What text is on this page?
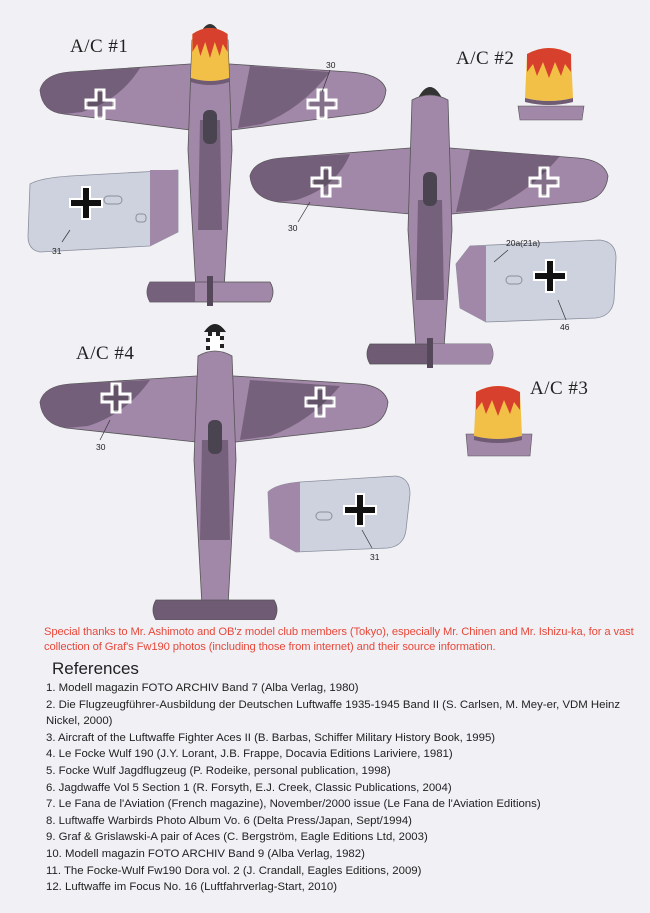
30
31
30
20a(21a)
46
30
31
A/C #1
A/C #2
A/C #4
A/C #3
Special thanks to Mr. Ashimoto and OB'z model club members (Tokyo), especially Mr. Chinen and Mr. Ishizu-ka, for a vast collection of Graf's Fw190 photos (including those from internet) and their source information.
References
1. Modell magazin FOTO ARCHIV Band 7 (Alba Verlag, 1980)
2. Die Flugzeugführer-Ausbildung der Deutschen Luftwaffe 1935-1945 Band II (S. Carlsen, M. Mey-er, VDM Heinz Nickel, 2000)
3. Aircraft of the Luftwaffe Fighter Aces II (B. Barbas, Schiffer Military History Book, 1995)
4. Le Focke Wulf 190 (J.Y. Lorant, J.B. Frappe, Docavia Editions Lariviere, 1981)
5. Focke Wulf Jagdflugzeug (P. Rodeike, personal publication, 1998)
6. Jagdwaffe Vol 5 Section 1 (R. Forsyth, E.J. Creek, Classic Publications, 2004)
7. Le Fana de l'Aviation (French magazine), November/2000 issue (Le Fana de l'Aviation Editions)
8. Luftwaffe Warbirds Photo Album Vo. 6 (Delta Press/Japan, Sept/1994)
9. Graf & Grislawski-A pair of Aces (C. Bergström, Eagle Editions Ltd, 2003)
10. Modell magazin FOTO ARCHIV Band 9 (Alba Verlag, 1982)
11. The Focke-Wulf Fw190 Dora vol. 2 (J. Crandall, Eagles Editions, 2009)
12. Luftwaffe im Focus No. 16 (Luftfahrverlag-Start, 2010)
